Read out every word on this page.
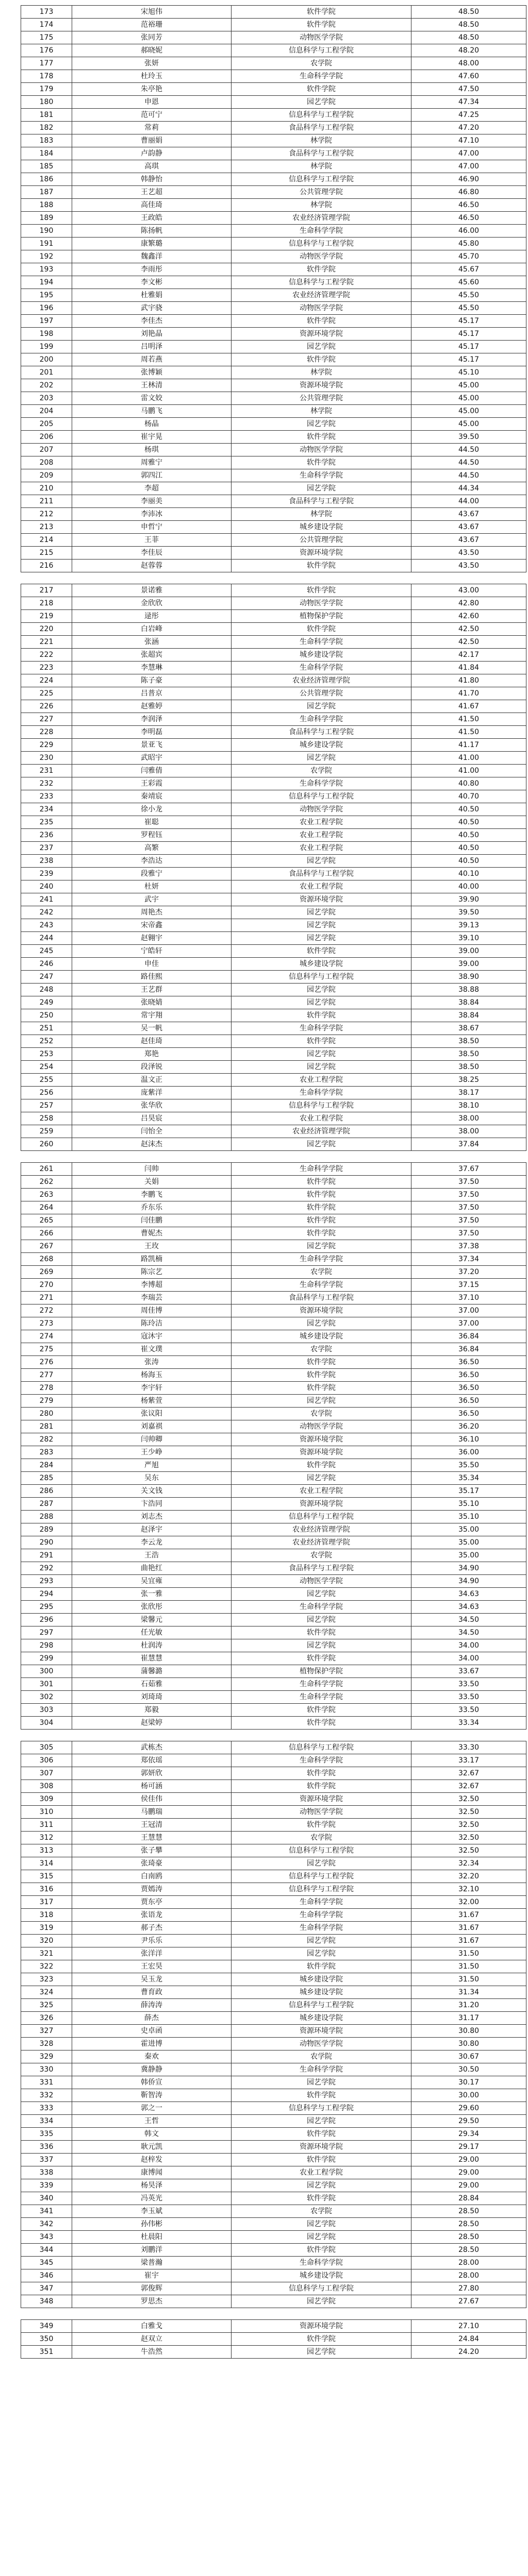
173	宋旭伟	软件学院	48.50
174	范裕珊	软件学院	48.50
175	张同芳	动物医学学院	48.50
176	郝晓妮	信息科学与工程学院	48.20
177	张妍	农学院	48.00
178	杜玲玉	生命科学学院	47.60
179	朱亭艳	软件学院	47.50
180	申恩	园艺学院	47.34
181	范可宁	信息科学与工程学院	47.25
182	常莉	食品科学与工程学院	47.20
183	曹丽娟	林学院	47.10
184	卢韵静	食品科学与工程学院	47.00
185	高琪	林学院	47.00
186	韩静怡	信息科学与工程学院	46.90
187	王艺超	公共管理学院	46.80
188	高佳琦	林学院	46.50
189	王政皓	农业经济管理学院	46.50
190	陈扬帆	生命科学学院	46.00
191	康繁璐	信息科学与工程学院	45.80
192	魏鑫洋	动物医学学院	45.70
193	李雨彤	软件学院	45.67
194	李文彬	信息科学与工程学院	45.60
195	杜雅娟	农业经济管理学院	45.50
196	武宇骁	动物医学学院	45.50
197	李佳杰	软件学院	45.17
198	刘艳晶	资源环境学院	45.17
199	吕明泽	园艺学院	45.17
200	周若燕	软件学院	45.17
201	张博颖	林学院	45.10
202	王林清	资源环境学院	45.00
203	雷文姣	公共管理学院	45.00
204	马鹏飞	林学院	45.00
205	杨晶	园艺学院	45.00
206	崔宇晃	软件学院	39.50
207	杨琪	动物医学学院	44.50
208	周雅宁	软件学院	44.50
209	郭四江	生命科学学院	44.50
210	李超	园艺学院	44.34
211	李丽美	食品科学与工程学院	44.00
212	李沛冰	林学院	43.67
213	申哲宁	城乡建设学院	43.67
214	王菲	公共管理学院	43.67
215	李佳辰	资源环境学院	43.50
216	赵蓉蓉	软件学院	43.50
217	景诺雅	软件学院	43.00
218	金欣欣	动物医学学院	42.80
219	逯彤	植物保护学院	42.60
220	白岩峰	软件学院	42.50
221	张涵	生命科学学院	42.50
222	张超宾	城乡建设学院	42.17
223	李慧琳	生命科学学院	41.84
224	陈子豪	农业经济管理学院	41.80
225	吕普京	公共管理学院	41.70
226	赵雅婷	园艺学院	41.67
227	李润泽	生命科学学院	41.50
228	李明磊	食品科学与工程学院	41.50
229	景亚飞	城乡建设学院	41.17
230	武昭宇	园艺学院	41.00
231	闫雅倩	农学院	41.00
232	王彩霞	生命科学学院	40.80
233	秦靖宸	信息科学与工程学院	40.70
234	徐小龙	动物医学学院	40.50
235	崔聪	农业工程学院	40.50
236	罗程钰	农业工程学院	40.50
237	高繁	农业工程学院	40.50
238	李浩达	园艺学院	40.50
239	段雅宁	食品科学与工程学院	40.10
240	杜妍	农业工程学院	40.00
241	武宇	资源环境学院	39.90
242	周艳杰	园艺学院	39.50
243	宋帝鑫	园艺学院	39.13
244	赵翱宇	园艺学院	39.10
245	宁皓轩	软件学院	39.00
246	申佳	城乡建设学院	39.00
247	路佳熙	信息科学与工程学院	38.90
248	王艺群	园艺学院	38.88
249	张晓婧	园艺学院	38.84
250	常宇翔	软件学院	38.84
251	吴一帆	生命科学学院	38.67
252	赵佳琦	软件学院	38.50
253	郑艳	园艺学院	38.50
254	段泽锐	园艺学院	38.50
255	温文正	农业工程学院	38.25
256	庞紫洋	生命科学学院	38.17
257	张华欣	信息科学与工程学院	38.10
258	吕昊宸	农业工程学院	38.00
259	闫怡全	农业经济管理学院	38.00
260	赵沫杰	园艺学院	37.84
261	闫帅	生命科学学院	37.67
262	关娟	软件学院	37.50
263	李鹏飞	软件学院	37.50
264	乔东乐	软件学院	37.50
265	闫佳鹏	软件学院	37.50
266	曹妮杰	软件学院	37.50
267	王玫	园艺学院	37.38
268	路凯楠	生命科学学院	37.34
269	陈宗艺	农学院	37.20
270	李博超	生命科学学院	37.15
271	李瑞芸	食品科学与工程学院	37.10
272	周佳博	资源环境学院	37.00
273	陈玲洁	园艺学院	37.00
274	寇沐宇	城乡建设学院	36.84
275	崔文璞	农学院	36.84
276	张涛	软件学院	36.50
277	杨海玉	软件学院	36.50
278	李宇轩	软件学院	36.50
279	杨紫萱	园艺学院	36.50
280	张议阳	农学院	36.50
281	刘嘉祺	动物医学学院	36.20
282	闫帅卿	资源环境学院	36.10
283	王少峥	资源环境学院	36.00
284	严旭	软件学院	35.50
285	吴东	园艺学院	35.34
286	关文钱	农业工程学院	35.17
287	卞浩同	资源环境学院	35.10
288	刘志杰	信息科学与工程学院	35.10
289	赵泽宇	农业经济管理学院	35.00
290	李云龙	农业经济管理学院	35.00
291	王浩	农学院	35.00
292	曲艳红	食品科学与工程学院	34.90
293	吴宜雍	动物医学学院	34.90
294	张一雅	园艺学院	34.63
295	张欣彤	生命科学学院	34.63
296	梁馨元	园艺学院	34.50
297	任光敏	软件学院	34.50
298	杜润涛	园艺学院	34.00
299	崔慧慧	软件学院	34.00
300	蒲馨潞	植物保护学院	33.67
301	石茹雅	生命科学学院	33.50
302	刘琦琦	生命科学学院	33.50
303	郑毅	软件学院	33.50
304	赵梁婷	软件学院	33.34
305	武栋杰	信息科学与工程学院	33.30
306	郑依瑶	生命科学学院	33.17
307	郭妍欣	软件学院	32.67
308	杨可涵	软件学院	32.67
309	侯佳伟	资源环境学院	32.50
310	马鹏瑞	动物医学学院	32.50
311	王冠清	软件学院	32.50
312	王慧慧	农学院	32.50
313	张子攀	信息科学与工程学院	32.50
314	张琦豪	园艺学院	32.34
315	白南鸥	信息科学与工程学院	32.20
316	贾嫣涛	信息科学与工程学院	32.10
317	贾东亭	生命科学学院	32.00
318	张语龙	生命科学学院	31.67
319	郝子杰	生命科学学院	31.67
320	尹乐乐	园艺学院	31.67
321	张洋洋	园艺学院	31.50
322	王宏昊	软件学院	31.50
323	吴玉龙	城乡建设学院	31.50
324	曹育政	城乡建设学院	31.34
325	薛涛涛	信息科学与工程学院	31.20
326	薛杰	城乡建设学院	31.17
327	史卓函	资源环境学院	30.80
328	霍进博	动物医学学院	30.80
329	秦欢	农学院	30.67
330	冀静静	生命科学学院	30.50
331	韩侨宣	园艺学院	30.17
332	靳智涛	软件学院	30.00
333	郭之一	信息科学与工程学院	29.60
334	王哲	园艺学院	29.50
335	韩文	软件学院	29.34
336	耿元凯	资源环境学院	29.17
337	赵梓发	软件学院	29.00
338	康博闻	农业工程学院	29.00
339	杨昊泽	园艺学院	29.00
340	冯英光	软件学院	28.84
341	李玉斌	农学院	28.50
342	孙伟彬	园艺学院	28.50
343	杜晨阳	园艺学院	28.50
344	刘鹏洋	软件学院	28.50
345	梁普瀚	生命科学学院	28.00
346	崔宇	城乡建设学院	28.00
347	郭俊辉	信息科学与工程学院	27.80
348	罗思杰	园艺学院	27.67
349	白雅戈	资源环境学院	27.10
350	赵双立	软件学院	24.84
351	牛浩然	园艺学院	24.20
